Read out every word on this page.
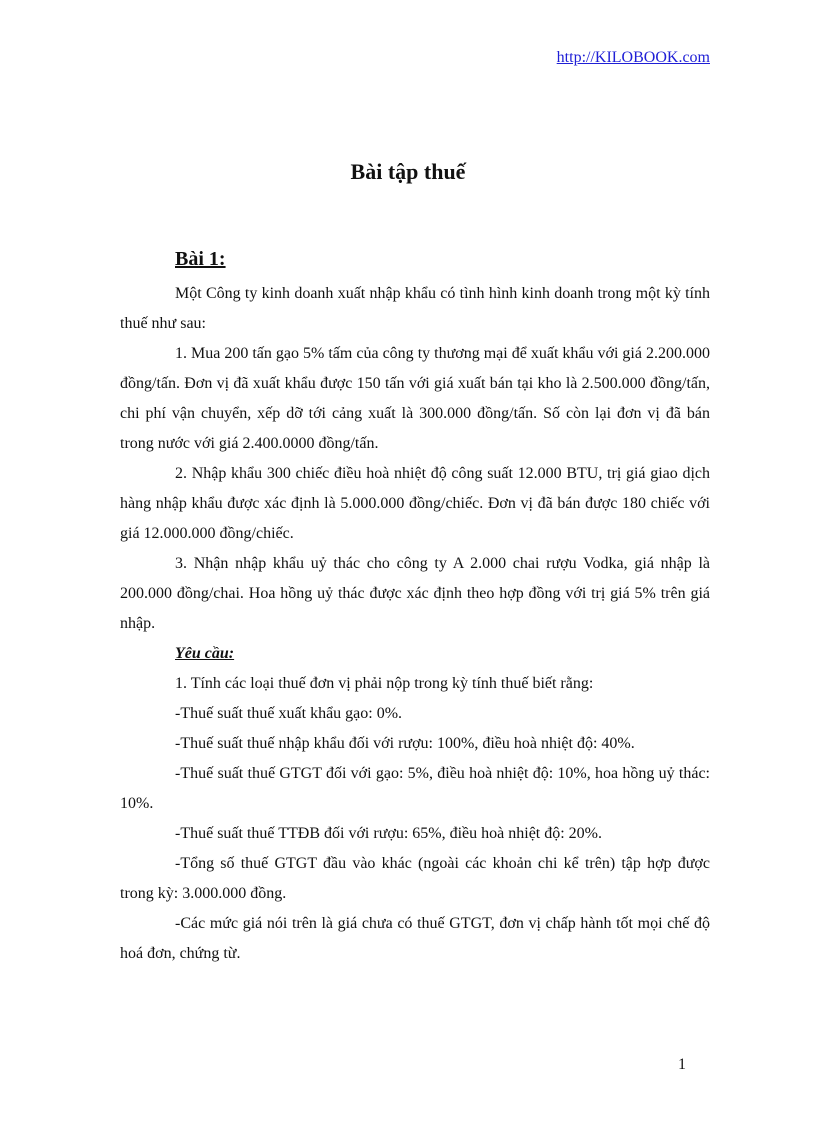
http://KILOBOOK.com
Bài tập thuế
Bài 1:

Một Công ty kinh doanh xuất nhập khẩu có tình hình kinh doanh trong một kỳ tính thuế như sau:

1. Mua 200 tấn gạo 5% tấm của công ty thương mại để xuất khẩu với giá 2.200.000 đồng/tấn. Đơn vị đã xuất khẩu được 150 tấn với giá xuất bán tại kho là 2.500.000 đồng/tấn, chi phí vận chuyển, xếp dỡ tới cảng xuất là 300.000 đồng/tấn. Số còn lại đơn vị đã bán trong nước với giá 2.400.0000 đồng/tấn.

2. Nhập khẩu 300 chiếc điều hoà nhiệt độ công suất 12.000 BTU, trị giá giao dịch hàng nhập khẩu được xác định là 5.000.000 đồng/chiếc. Đơn vị đã bán được 180 chiếc với giá 12.000.000 đồng/chiếc.

3. Nhận nhập khẩu uỷ thác cho công ty A 2.000 chai rượu Vodka, giá nhập là 200.000 đồng/chai. Hoa hồng uỷ thác được xác định theo hợp đồng với trị giá 5% trên giá nhập.

Yêu cầu:

1. Tính các loại thuế đơn vị phải nộp trong kỳ tính thuế biết rằng:

-Thuế suất thuế xuất khẩu gạo: 0%.

-Thuế suất thuế nhập khẩu đối với rượu: 100%, điều hoà nhiệt độ: 40%.

-Thuế suất thuế GTGT đối với gạo: 5%, điều hoà nhiệt độ: 10%, hoa hồng uỷ thác: 10%.

-Thuế suất thuế TTĐB đối với rượu: 65%, điều hoà nhiệt độ: 20%.

-Tổng số thuế GTGT đầu vào khác (ngoài các khoản chi kể trên) tập hợp được trong kỳ: 3.000.000 đồng.

-Các mức giá nói trên là giá chưa có thuế GTGT, đơn vị chấp hành tốt mọi chế độ hoá đơn, chứng từ.

1
